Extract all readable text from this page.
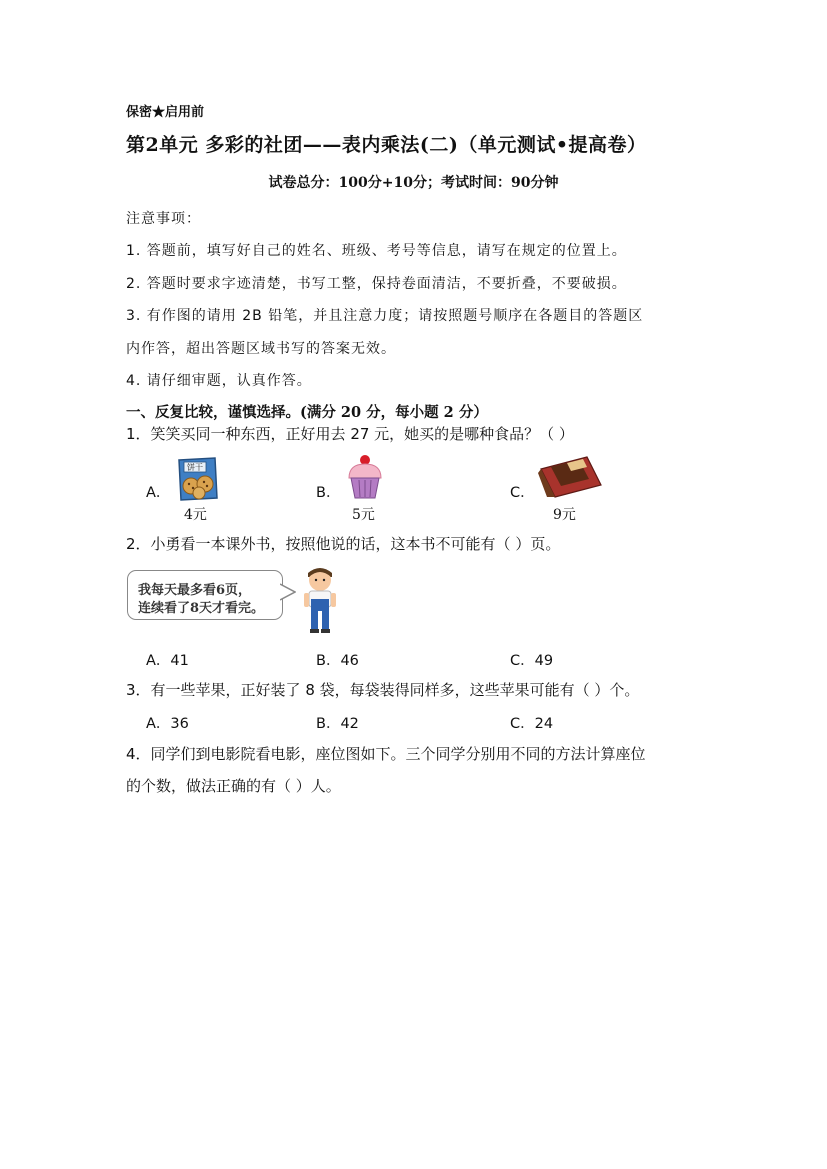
保密★启用前
第2单元 多彩的社团——表内乘法(二)（单元测试•提高卷）
试卷总分：100分+10分；考试时间：90分钟
注意事项：
1. 答题前，填写好自己的姓名、班级、考号等信息，请写在规定的位置上。
2. 答题时要求字迹清楚，书写工整，保持卷面清洁，不要折叠，不要破损。
3. 有作图的请用 2B 铅笔，并且注意力度；请按照题号顺序在各题目的答题区
内作答，超出答题区域书写的答案无效。
4. 请仔细审题，认真作答。
一、反复比较，谨慎选择。(满分 20 分，每小题 2 分）
1．笑笑买同一种东西，正好用去 27 元，她买的是哪种食品？（ ）
A．
饼干
4元
B．
5元
C．
9元
2．小勇看一本课外书，按照他说的话，这本书不可能有（ ）页。
我每天最多看6页，
连续看了8天才看完。
A．41	B．46	C．49
3．有一些苹果，正好装了 8 袋，每袋装得同样多，这些苹果可能有（ ）个。
A．36	B．42	C．24
4．同学们到电影院看电影，座位图如下。三个同学分别用不同的方法计算座位
的个数，做法正确的有（ ）人。
